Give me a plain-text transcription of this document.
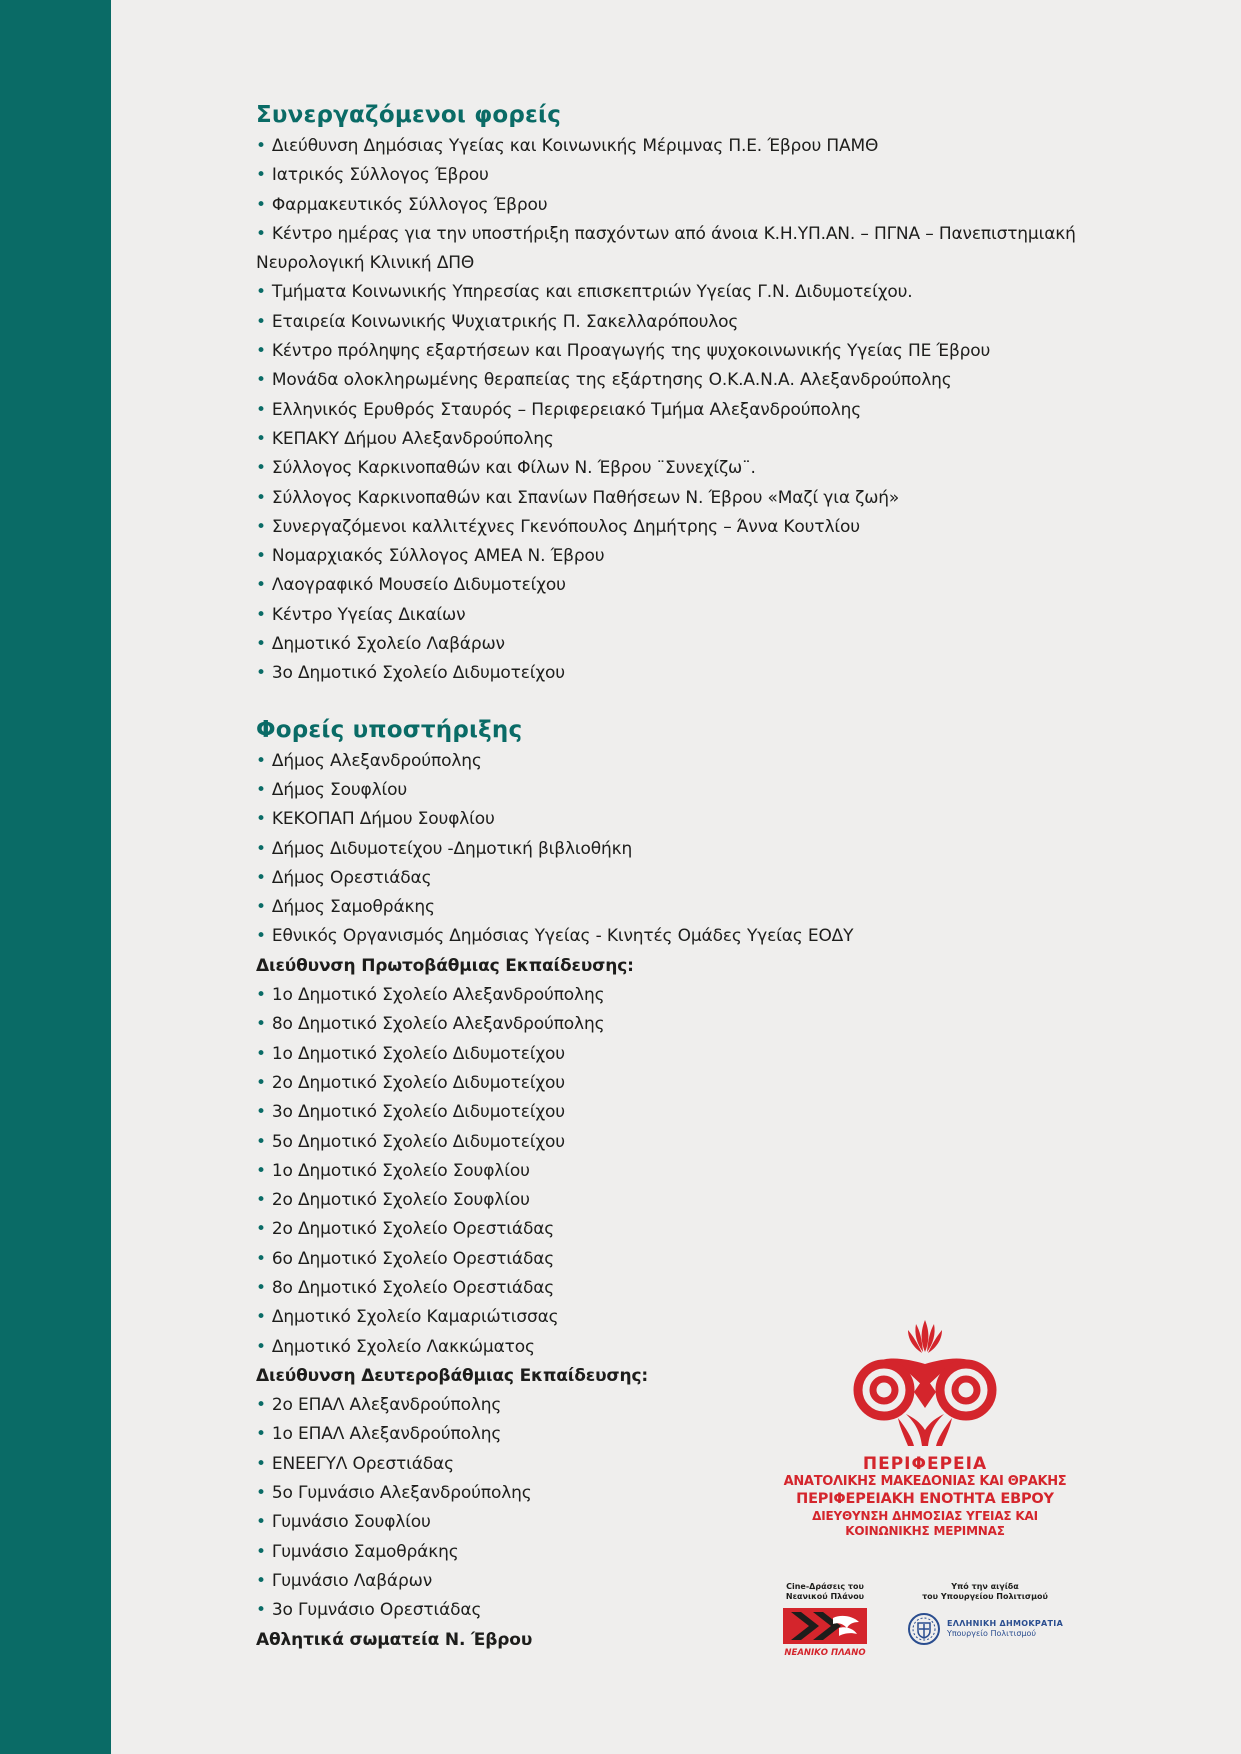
Συνεργαζόμενοι φορείς
• Διεύθυνση Δημόσιας Υγείας και Κοινωνικής Μέριμνας Π.Ε. Έβρου ΠΑΜΘ
• Ιατρικός Σύλλογος Έβρου
• Φαρμακευτικός Σύλλογος Έβρου
• Κέντρο ημέρας για την υποστήριξη πασχόντων από άνοια Κ.Η.ΥΠ.ΑΝ. – ΠΓΝΑ – Πανεπιστημιακή Νευρολογική Κλινική ΔΠΘ
• Τμήματα Κοινωνικής Υπηρεσίας και επισκεπτριών Υγείας Γ.Ν. Διδυμοτείχου.
• Εταιρεία Κοινωνικής Ψυχιατρικής Π. Σακελλαρόπουλος
• Κέντρο πρόληψης εξαρτήσεων και Προαγωγής της ψυχοκοινωνικής Υγείας ΠΕ Έβρου
• Μονάδα ολοκληρωμένης θεραπείας της εξάρτησης Ο.Κ.Α.Ν.Α. Αλεξανδρούπολης
• Ελληνικός Ερυθρός Σταυρός – Περιφερειακό Τμήμα Αλεξανδρούπολης
• ΚΕΠΑΚΥ Δήμου Αλεξανδρούπολης
• Σύλλογος Καρκινοπαθών και Φίλων Ν. Έβρου ¨Συνεχίζω¨.
• Σύλλογος Καρκινοπαθών και Σπανίων Παθήσεων Ν. Έβρου «Μαζί για ζωή»
• Συνεργαζόμενοι καλλιτέχνες Γκενόπουλος Δημήτρης – Άννα Κουτλίου
• Νομαρχιακός Σύλλογος ΑΜΕΑ Ν. Έβρου
• Λαογραφικό Μουσείο Διδυμοτείχου
• Κέντρο Υγείας Δικαίων
• Δημοτικό Σχολείο Λαβάρων
• 3ο Δημοτικό Σχολείο Διδυμοτείχου
Φορείς υποστήριξης
• Δήμος Αλεξανδρούπολης
• Δήμος Σουφλίου
• ΚΕΚΟΠΑΠ Δήμου Σουφλίου
• Δήμος Διδυμοτείχου -Δημοτική βιβλιοθήκη
• Δήμος Ορεστιάδας
• Δήμος Σαμοθράκης
• Εθνικός Οργανισμός Δημόσιας Υγείας - Κινητές Ομάδες Υγείας ΕΟΔΥ
Διεύθυνση Πρωτοβάθμιας Εκπαίδευσης:
• 1ο Δημοτικό Σχολείο Αλεξανδρούπολης
• 8ο Δημοτικό Σχολείο Αλεξανδρούπολης
• 1ο Δημοτικό Σχολείο Διδυμοτείχου
• 2ο Δημοτικό Σχολείο Διδυμοτείχου
• 3ο Δημοτικό Σχολείο Διδυμοτείχου
• 5ο Δημοτικό Σχολείο Διδυμοτείχου
• 1ο Δημοτικό Σχολείο Σουφλίου
• 2ο Δημοτικό Σχολείο Σουφλίου
• 2ο Δημοτικό Σχολείο Ορεστιάδας
• 6ο Δημοτικό Σχολείο Ορεστιάδας
• 8ο Δημοτικό Σχολείο Ορεστιάδας
• Δημοτικό Σχολείο Καμαριώτισσας
• Δημοτικό Σχολείο Λακκώματος
Διεύθυνση Δευτεροβάθμιας Εκπαίδευσης:
• 2ο ΕΠΑΛ Αλεξανδρούπολης
• 1ο ΕΠΑΛ Αλεξανδρούπολης
• ΕΝΕΕΓΥΛ Ορεστιάδας
• 5ο Γυμνάσιο Αλεξανδρούπολης
• Γυμνάσιο Σουφλίου
• Γυμνάσιο Σαμοθράκης
• Γυμνάσιο Λαβάρων
• 3ο Γυμνάσιο Ορεστιάδας
Αθλητικά σωματεία Ν. Έβρου
ΠΕΡΙΦΕΡΕΙΑ
ΑΝΑΤΟΛΙΚΗΣ ΜΑΚΕΔΟΝΙΑΣ ΚΑΙ ΘΡΑΚΗΣ
ΠΕΡΙΦΕΡΕΙΑΚΗ ΕΝΟΤΗΤΑ ΕΒΡΟΥ
ΔΙΕΥΘΥΝΣΗ ΔΗΜΟΣΙΑΣ ΥΓΕΙΑΣ ΚΑΙ
ΚΟΙΝΩΝΙΚΗΣ ΜΕΡΙΜΝΑΣ
Cine-Δράσεις του
Νεανικού Πλάνου
ΝΕΑΝΙΚΟ ΠΛΑΝΟ
Υπό την αιγίδα
του Υπουργείου Πολιτισμού
ΕΛΛΗΝΙΚΗ ΔΗΜΟΚΡΑΤΙΑ
Υπουργείο Πολιτισμού
